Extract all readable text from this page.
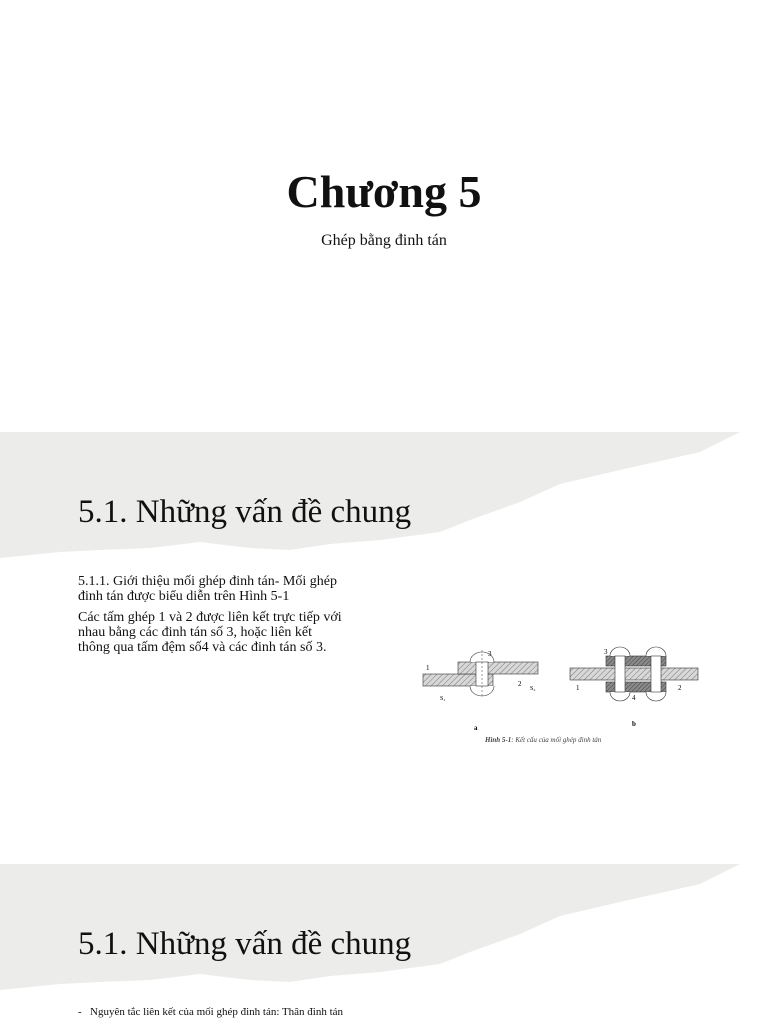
Chương 5
Ghép bằng đinh tán
5.1. Những vấn đề chung

5.1.1. Giới thiệu mối ghép đinh tán- Mối ghép đinh tán được biểu diễn trên Hình 5-1

Các tấm ghép 1 và 2 được liên kết trực tiếp với nhau bằng các đinh tán số 3, hoặc liên kết thông qua tấm đệm số4 và các đinh tán số 3.

1
3
2
S₁
S₂
a
3
1
4
2
b
Hình 5-1: Kết cấu của mối ghép đinh tán
5.1. Những vấn đề chung
- Nguyên tắc liên kết của mối ghép đinh tán: Thân đinh tán
